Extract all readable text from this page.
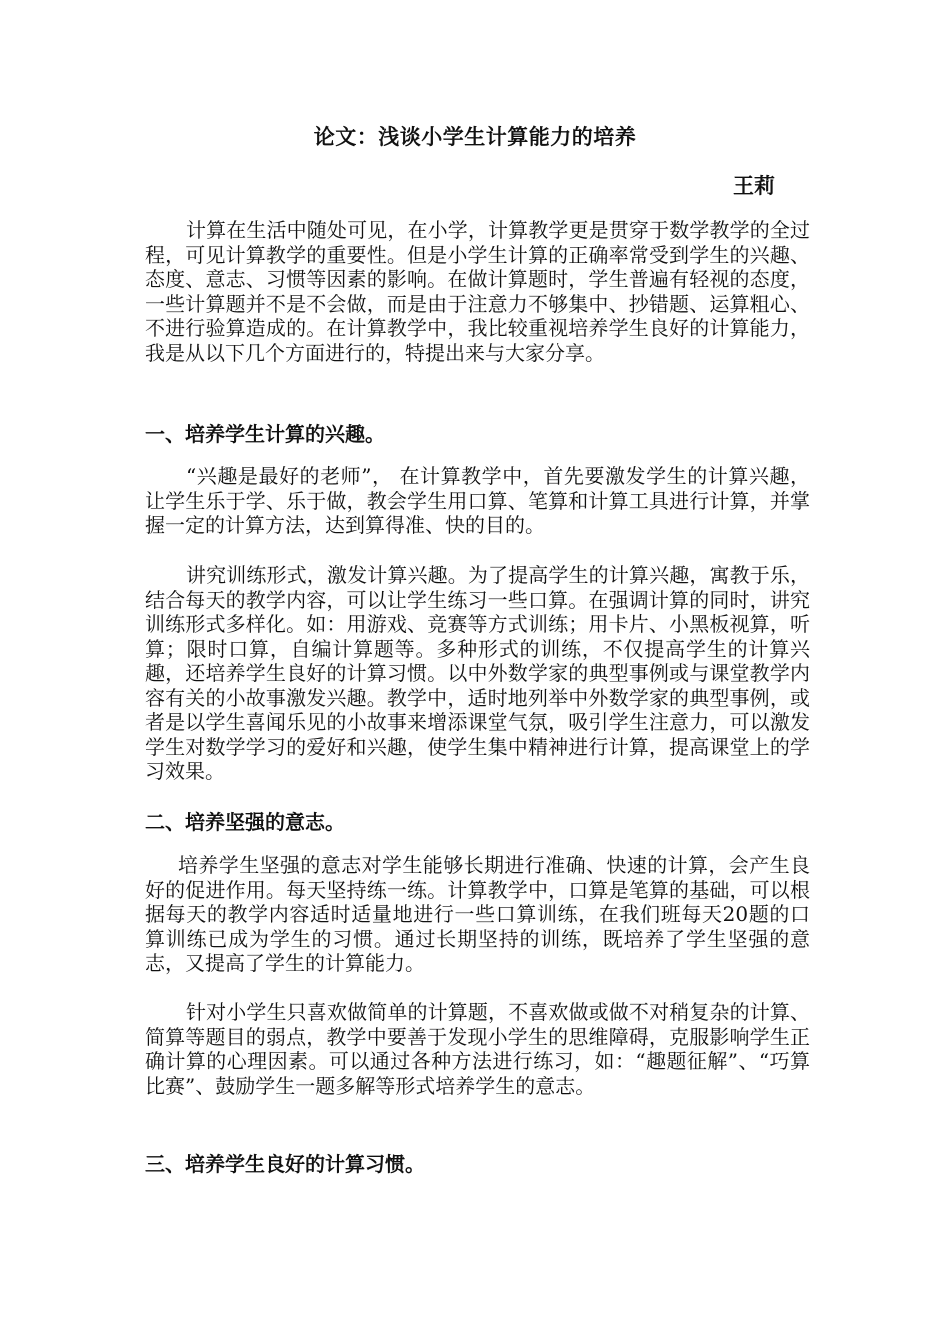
论文：浅谈小学生计算能力的培养
王莉
计算在生活中随处可见，在小学，计算教学更是贯穿于数学教学的全过程，可见计算教学的重要性。但是小学生计算的正确率常受到学生的兴趣、态度、意志、习惯等因素的影响。在做计算题时，学生普遍有轻视的态度，一些计算题并不是不会做，而是由于注意力不够集中、抄错题、运算粗心、不进行验算造成的。在计算教学中，我比较重视培养学生良好的计算能力，我是从以下几个方面进行的，特提出来与大家分享。
一、培养学生计算的兴趣。
“兴趣是最好的老师”， 在计算教学中，首先要激发学生的计算兴趣，让学生乐于学、乐于做，教会学生用口算、笔算和计算工具进行计算，并掌握一定的计算方法，达到算得准、快的目的。
讲究训练形式，激发计算兴趣。为了提高学生的计算兴趣，寓教于乐，结合每天的教学内容，可以让学生练习一些口算。在强调计算的同时，讲究训练形式多样化。如：用游戏、竞赛等方式训练；用卡片、小黑板视算，听算；限时口算，自编计算题等。多种形式的训练，不仅提高学生的计算兴趣，还培养学生良好的计算习惯。以中外数学家的典型事例或与课堂教学内容有关的小故事激发兴趣。教学中，适时地列举中外数学家的典型事例，或者是以学生喜闻乐见的小故事来增添课堂气氛，吸引学生注意力，可以激发学生对数学学习的爱好和兴趣，使学生集中精神进行计算，提高课堂上的学习效果。
二、培养坚强的意志。
培养学生坚强的意志对学生能够长期进行准确、快速的计算，会产生良好的促进作用。每天坚持练一练。计算教学中，口算是笔算的基础，可以根据每天的教学内容适时适量地进行一些口算训练，在我们班每天20题的口算训练已成为学生的习惯。通过长期坚持的训练，既培养了学生坚强的意志，又提高了学生的计算能力。
针对小学生只喜欢做简单的计算题，不喜欢做或做不对稍复杂的计算、简算等题目的弱点，教学中要善于发现小学生的思维障碍，克服影响学生正确计算的心理因素。可以通过各种方法进行练习，如：“趣题征解”、“巧算比赛”、鼓励学生一题多解等形式培养学生的意志。
三、培养学生良好的计算习惯。
